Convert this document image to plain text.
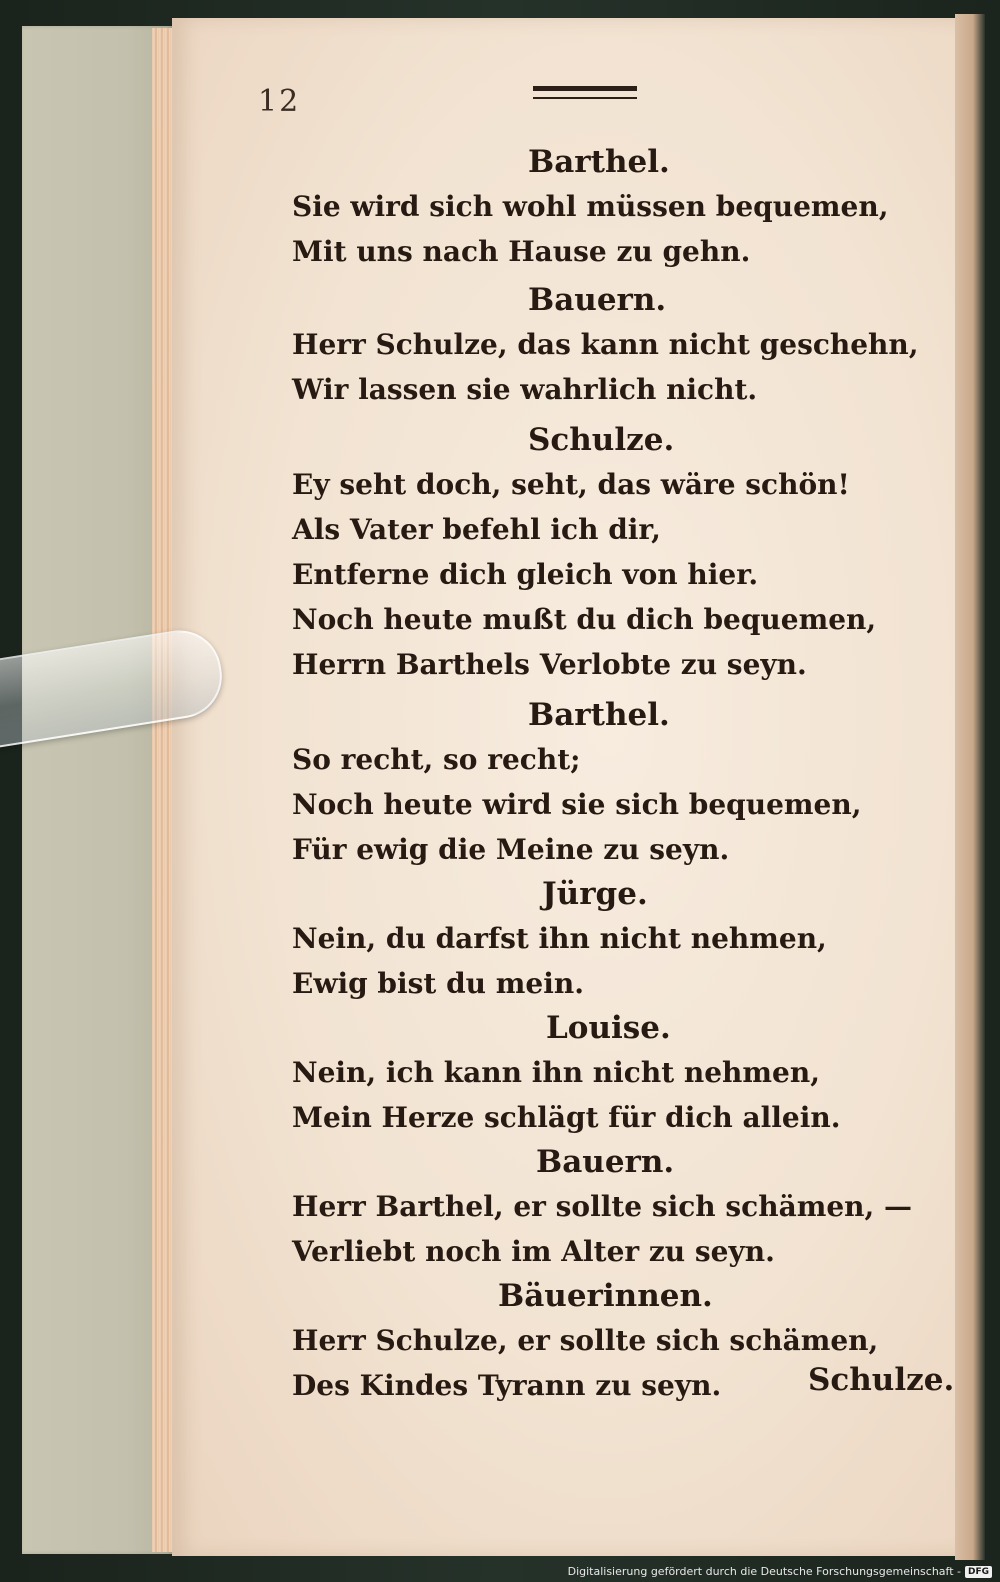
12
Barthel.
Sie wird sich wohl müssen bequemen,
Mit uns nach Hause zu gehn.
Bauern.
Herr Schulze, das kann nicht geschehn,
Wir lassen sie wahrlich nicht.
Schulze.
Ey seht doch, seht, das wäre schön!
Als Vater befehl ich dir,
Entferne dich gleich von hier.
Noch heute mußt du dich bequemen,
Herrn Barthels Verlobte zu seyn.
Barthel.
So recht, so recht;
Noch heute wird sie sich bequemen,
Für ewig die Meine zu seyn.
Jürge.
Nein, du darfst ihn nicht nehmen,
Ewig bist du mein.
Louise.
Nein, ich kann ihn nicht nehmen,
Mein Herze schlägt für dich allein.
Bauern.
Herr Barthel, er sollte sich schämen, —
Verliebt noch im Alter zu seyn.
Bäuerinnen.
Herr Schulze, er sollte sich schämen,
Des Kindes Tyrann zu seyn.	Schulze.
Digitalisierung gefördert durch die Deutsche Forschungsgemeinschaft - DFG
